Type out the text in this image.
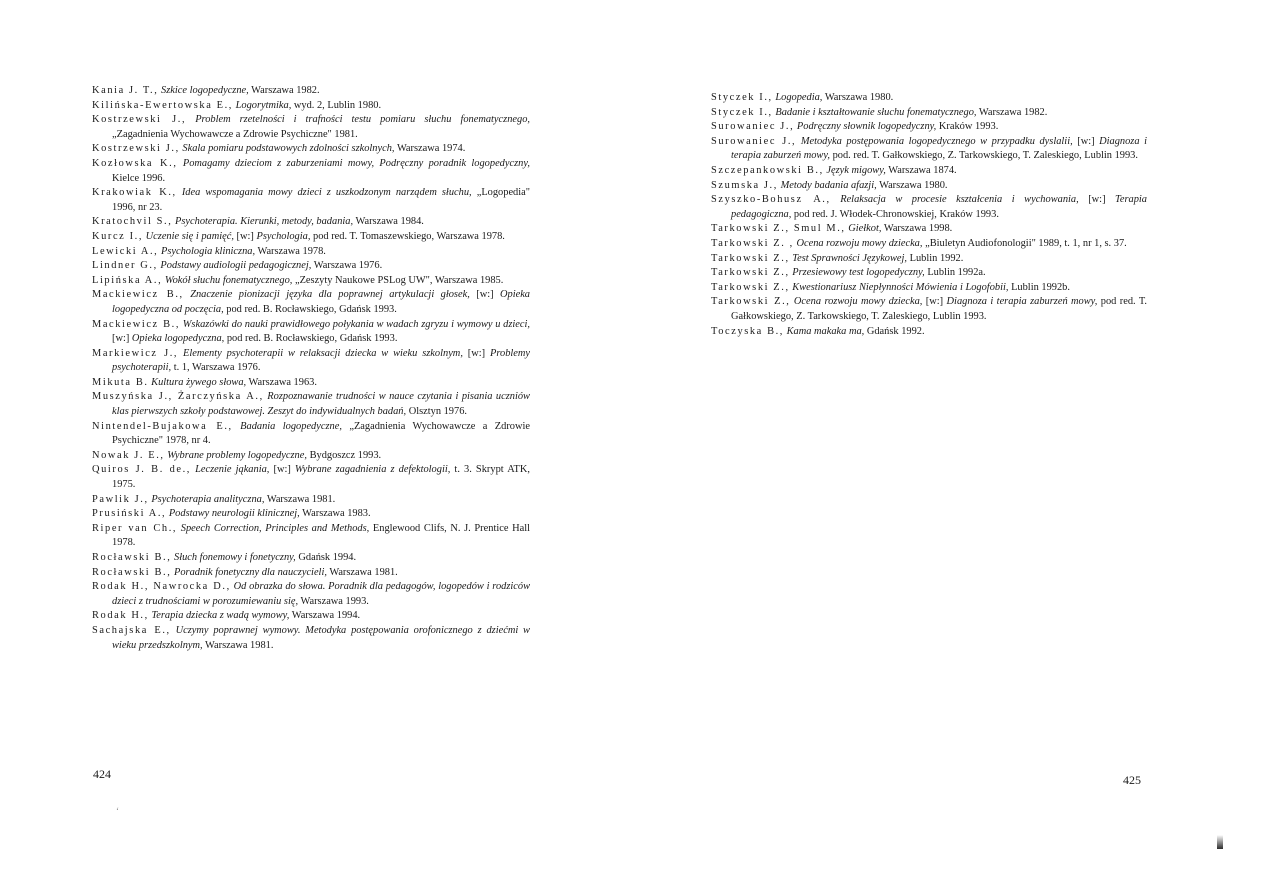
Kania J. T., Szkice logopedyczne, Warszawa 1982.
Kilińska-Ewertowska E., Logorytmika, wyd. 2, Lublin 1980.
Kostrzewski J., Problem rzetelności i trafności testu pomiaru słuchu fonematycznego, „Zagadnienia Wychowawcze a Zdrowie Psychiczne" 1981.
Kostrzewski J., Skala pomiaru podstawowych zdolności szkolnych, Warszawa 1974.
Kozłowska K., Pomagamy dzieciom z zaburzeniami mowy, Podręczny poradnik logopedyczny, Kielce 1996.
Krakowiak K., Idea wspomagania mowy dzieci z uszkodzonym narządem słuchu, „Logopedia" 1996, nr 23.
Kratochvil S., Psychoterapia. Kierunki, metody, badania, Warszawa 1984.
Kurcz I., Uczenie się i pamięć, [w:] Psychologia, pod red. T. Tomaszewskiego, Warszawa 1978.
Lewicki A., Psychologia kliniczna, Warszawa 1978.
Lindner G., Podstawy audiologii pedagogicznej, Warszawa 1976.
Lipińska A., Wokół słuchu fonematycznego, „Zeszyty Naukowe PSLog UW", Warszawa 1985.
Mackiewicz B., Znaczenie pionizacji języka dla poprawnej artykulacji głosek, [w:] Opieka logopedyczna od poczęcia, pod red. B. Rocławskiego, Gdańsk 1993.
Mackiewicz B., Wskazówki do nauki prawidłowego połykania w wadach zgryzu i wymowy u dzieci, [w:] Opieka logopedyczna, pod red. B. Rocławskiego, Gdańsk 1993.
Markiewicz J., Elementy psychoterapii w relaksacji dziecka w wieku szkolnym, [w:] Problemy psychoterapii, t. 1, Warszawa 1976.
Mikuta B. Kultura żywego słowa, Warszawa 1963.
Muszyńska J., Żarczyńska A., Rozpoznawanie trudności w nauce czytania i pisania uczniów klas pierwszych szkoły podstawowej. Zeszyt do indywidualnych badań, Olsztyn 1976.
Nintendel-Bujakowa E., Badania logopedyczne, „Zagadnienia Wychowawcze a Zdrowie Psychiczne" 1978, nr 4.
Nowak J. E., Wybrane problemy logopedyczne, Bydgoszcz 1993.
Quiros J. B. de., Leczenie jąkania, [w:] Wybrane zagadnienia z defektologii, t. 3. Skrypt ATK, 1975.
Pawlik J., Psychoterapia analityczna, Warszawa 1981.
Prusiński A., Podstawy neurologii klinicznej, Warszawa 1983.
Riper van Ch., Speech Correction, Principles and Methods, Englewood Clifs, N. J. Prentice Hall 1978.
Rocławski B., Słuch fonemowy i fonetyczny, Gdańsk 1994.
Rocławski B., Poradnik fonetyczny dla nauczycieli, Warszawa 1981.
Rodak H., Nawrocka D., Od obrazka do słowa. Poradnik dla pedagogów, logopedów i rodziców dzieci z trudnościami w porozumiewaniu się, Warszawa 1993.
Rodak H., Terapia dziecka z wadą wymowy, Warszawa 1994.
Sachajska E., Uczymy poprawnej wymowy. Metodyka postępowania orofonicznego z dziećmi w wieku przedszkolnym, Warszawa 1981.
424
ʻ
Styczek I., Logopedia, Warszawa 1980.
Styczek I., Badanie i kształtowanie słuchu fonematycznego, Warszawa 1982.
Surowaniec J., Podręczny słownik logopedyczny, Kraków 1993.
Surowaniec J., Metodyka postępowania logopedycznego w przypadku dyslalii, [w:] Diagnoza i terapia zaburzeń mowy, pod. red. T. Gałkowskiego, Z. Tarkowskiego, T. Zaleskiego, Lublin 1993.
Szczepankowski B., Język migowy, Warszawa 1874.
Szumska J., Metody badania afazji, Warszawa 1980.
Szyszko-Bohusz A., Relaksacja w procesie kształcenia i wychowania, [w:] Terapia pedagogiczna, pod red. J. Włodek-Chronowskiej, Kraków 1993.
Tarkowski Z., Smul M., Giełkot, Warszawa 1998.
Tarkowski Z. , Ocena rozwoju mowy dziecka, „Biuletyn Audiofonologii" 1989, t. 1, nr 1, s. 37.
Tarkowski Z., Test Sprawności Językowej, Lublin 1992.
Tarkowski Z., Przesiewowy test logopedyczny, Lublin 1992a.
Tarkowski Z., Kwestionariusz Niepłynności Mówienia i Logofobii, Lublin 1992b.
Tarkowski Z., Ocena rozwoju mowy dziecka, [w:] Diagnoza i terapia zaburzeń mowy, pod red. T. Gałkowskiego, Z. Tarkowskiego, T. Zaleskiego, Lublin 1993.
Toczyska B., Kama makaka ma, Gdańsk 1992.
425
